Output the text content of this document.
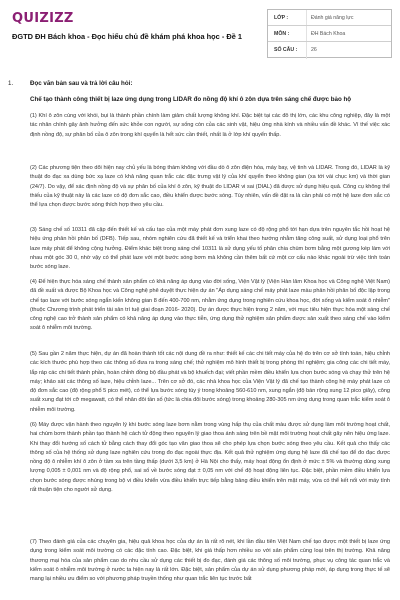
QUIZIZZ
ĐGTD ĐH Bách khoa - Đọc hiểu chủ đề khám phá khoa học - Đề 1
LỚP :	Đánh giá năng lực
MÔN :	ĐH Bách Khoa
SỐ CÂU :	26
1.	Đọc văn bản sau và trả lời câu hỏi:
Chế tạo thành công thiết bị laze ứng dụng trong LIDAR đo nồng độ khí ô zôn dựa trên sáng chế được bảo hộ
(1) Khí ô zôn cùng với khói, bụi là thành phần chính làm giảm chất lượng không khí. Đặc biệt tại các đô thị lớn, các khu công nghiệp, đây là một tác nhân chính gây ảnh hưởng đến sức khỏe con người, sự sống còn của các sinh vật, hiệu ứng nhà kính và nhiều vấn đề khác. Vì thế việc xác định nồng độ, sự phân bố của ô zôn trong khí quyển là hết sức cần thiết, nhất là ở lớp khí quyển thấp.
(2) Các phương tiện theo dõi hiện nay chủ yếu là bóng thám không với đầu dò ô zôn điện hóa, máy bay, vệ tinh và LIDAR. Trong đó, LIDAR là kỹ thuật đo đạc xa dùng bức xạ laze có khả năng quan trắc các đặc trưng vật lý của khí quyển theo không gian (xa tới vài chục km) và thời gian (24/7). Do vậy, để xác định nồng độ và sự phân bố của khí ô zôn, kỹ thuật đo LIDAR vi sai (DIAL) đã được sử dụng hiệu quả. Công cụ không thể thiếu của kỹ thuật này là các laze có độ đơn sắc cao, điều khiển được bước sóng. Tùy nhiên, vấn đề đặt ra là cần phải có một hệ laze đơn sắc có thể lựa chọn được bước sóng thích hợp theo yêu cầu.
(3) Sáng chế số 10311 đã cập đến thiết kế và cấu tạo của một máy phát đơn xung laze có độ rộng phổ tới hạn dựa trên nguyên tắc hồi hoạt hệ hiệu ứng phản hồi phân bố (DFB). Tiếp sau, nhóm nghiên cứu đã thiết kế và triển khai theo hướng nhằm tăng công suất, sử dụng loại phổ trên laze máy phát để không cộng hưởng. Điểm khác biệt trong sáng chế 10311 là sử dụng yếu tố phân chia chùm bơm bằng một gương kép làm với nhau một góc 30 0, nhờ vậy có thể phát laze với một bước sóng bơm mà không cần thêm bất cứ một cơ cấu nào khác ngoài trừ việc tính toán bước sóng laze.
(4) Để hiện thực hóa sáng chế thành sản phẩm có khả năng áp dụng vào đời sống, Viện Vật lý (Viện Hàn lâm Khoa học và Công nghệ Việt Nam) đã đề xuất và được Bộ Khoa học và Công nghệ phê duyệt thực hiện dự án "Áp dụng sáng chế máy phát laze màu phản hồi phân bố độc lập trong chế tạo laze với bước sóng ngắn kiến không gian 8 đến 400-700 nm, nhằm ứng dụng trong nghiên cứu khoa học, đời sống và kiểm soát ô nhiễm" (thuộc Chương trình phát triển tài sản trí tuệ giai đoạn 2016- 2020). Dự án được thực hiện trong 2 năm, với mục tiêu hiện thực hóa một sáng chế công nghệ cao trở thành sản phẩm có khả năng áp dụng vào thực tiễn, ứng dụng thử nghiệm sản phẩm được sản xuất theo sáng chế vào kiểm soát ô nhiễm môi trường.
(5) Sau gần 2 năm thực hiện, dự án đã hoàn thành tốt các nội dung đề ra như: thiết kế các chi tiết máy của hệ đo trên cơ sở tính toán, hiệu chỉnh các kích thước phù hợp theo các thông số đưa ra trong sáng chế; thử nghiệm mô hình thiết bị trong phòng thí nghiệm; gia công các chi tiết máy, lắp ráp các chi tiết thành phần, hoàn chỉnh đồng bộ đầu phát và bộ khuếch đại; viết phần mềm điều khiển lựa chọn bước sóng và chạy thử trên hệ máy; khảo sát các thông số laze, hiệu chỉnh laze... Trên cơ sở đó, các nhà khoa học của Viện Vật lý đã chế tạo thành công hệ máy phát laze có độ đơn sắc cao (độ rộng phổ 5 pico mét), có thể lựa bước sóng tùy ý trong khoảng 560-610 nm, xung ngắn (độ bán rộng xung 12 pico giây), công suất xung đạt tới cỡ megawatt, có thể nhân đôi tần số (tức là chia đôi bước sóng) trong khoảng 280-305 nm ứng dụng trong quan trắc kiểm soát ô nhiễm môi trường.
(6) Máy được vận hành theo nguyên lý khi bước sóng laze bơm nằm trong vùng hấp thụ của chất màu được sử dụng làm môi trường hoạt chất, hai chùm bơm thành phần tạo thành hệ cách tử động theo nguyên lý giao thoa ánh sáng trên bề mặt môi trường hoạt chất gây nên hiệu ứng laze. Khi thay đổi hướng số cách tử bằng cách thay đổi góc tạo văn giao thoa sẽ cho phép lựa chọn bước sóng theo yêu cầu. Kết quả cho thấy các thông số của hệ thống sử dụng laze nghiên cứu trong đo đạc ngoài thực địa. Kết quả thử nghiệm ứng dụng hệ laze đã chế tạo để đo đạc được nồng độ ô nhiễm khí ô zôn ở tầm xa trên tầng thấp (dưới 3,5 km) ở Hà Nội cho thấy, máy hoạt động ổn định ở mức ± 5% và thường dùng xung lượng 0,005 ± 0,001 nm và độ rộng phổ, sai số về bước sóng đạt ± 0,05 nm với chế độ hoạt động liên tục. Đặc biệt, phần mềm điều khiển lựa chọn bước sóng được nhúng trong bộ vi điều khiển vừa điều khiển trực tiếp bằng bảng điều khiển trên mặt máy, vừa có thể kết nối với máy tính rất thuận tiện cho người sử dụng.
(7) Theo đánh giá của các chuyên gia, hiệu quả khoa học của dự án là rất rõ nét, khi lần đầu tiên Việt Nam chế tạo được một thiết bị laze ứng dụng trong kiểm soát môi trường có các đặc tính cao. Đặc biệt, khi giá thấp hơn nhiều so với sản phẩm cùng loại trên thị trường. Khả năng thương mại hóa của sản phẩm cao do nhu cầu sử dụng các thiết bị đo đạc, đánh giá các thông số môi trường, phục vụ công tác quan trắc và kiểm soát ô nhiễm môi trường ở nước ta hiện nay là rất lớn. Đặc biệt, sản phẩm của dự án sử dụng phương pháp mới, áp dụng trong thực tế sẽ mang lại nhiều ưu điểm so với phương pháp truyền thống như quan trắc liên tục trước bất
